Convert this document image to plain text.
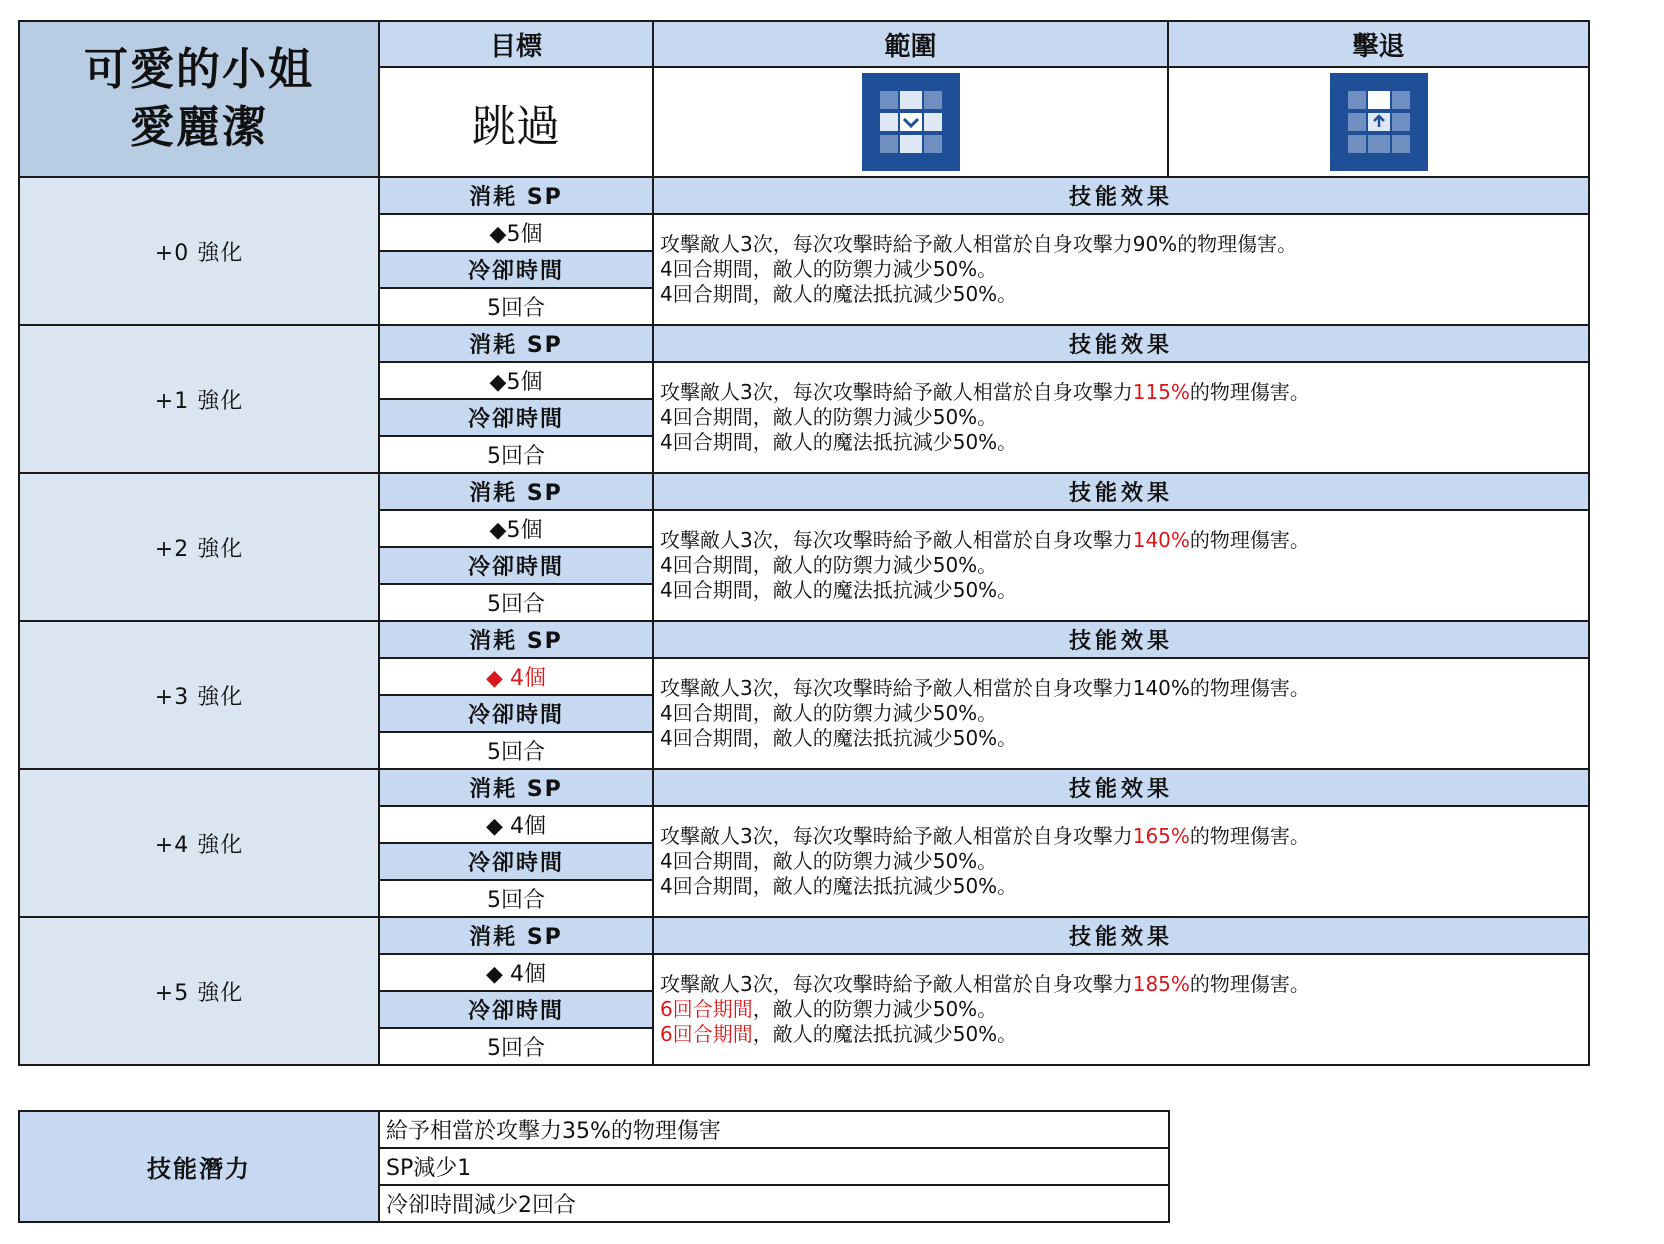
可愛的小姐
愛麗潔	目標	範圍	擊退
	跳過		
+0 強化	消耗 SP	技能效果	
	◆5個	攻擊敵人3次，每次攻擊時給予敵人相當於自身攻擊力90%的物理傷害。
4回合期間，敵人的防禦力減少50%。
4回合期間，敵人的魔法抵抗減少50%。	

	冷卻時間		
	5回合		
+1 強化	消耗 SP	技能效果	
	◆5個	攻擊敵人3次，每次攻擊時給予敵人相當於自身攻擊力115%的物理傷害。
4回合期間，敵人的防禦力減少50%。
4回合期間，敵人的魔法抵抗減少50%。	

	冷卻時間		
	5回合		
+2 強化	消耗 SP	技能效果	
	◆5個	攻擊敵人3次，每次攻擊時給予敵人相當於自身攻擊力140%的物理傷害。
4回合期間，敵人的防禦力減少50%。
4回合期間，敵人的魔法抵抗減少50%。	

	冷卻時間		
	5回合		
+3 強化	消耗 SP	技能效果	
	◆ 4個	攻擊敵人3次，每次攻擊時給予敵人相當於自身攻擊力140%的物理傷害。
4回合期間，敵人的防禦力減少50%。
4回合期間，敵人的魔法抵抗減少50%。	

	冷卻時間		
	5回合		
+4 強化	消耗 SP	技能效果	
	◆ 4個	攻擊敵人3次，每次攻擊時給予敵人相當於自身攻擊力165%的物理傷害。
4回合期間，敵人的防禦力減少50%。
4回合期間，敵人的魔法抵抗減少50%。	

	冷卻時間		
	5回合		
+5 強化	消耗 SP	技能效果	
	◆ 4個	攻擊敵人3次，每次攻擊時給予敵人相當於自身攻擊力185%的物理傷害。
6回合期間，敵人的防禦力減少50%。
6回合期間，敵人的魔法抵抗減少50%。	

	冷卻時間		
	5回合		
技能潛力	給予相當於攻擊力35%的物理傷害
SP減少1
冷卻時間減少2回合
